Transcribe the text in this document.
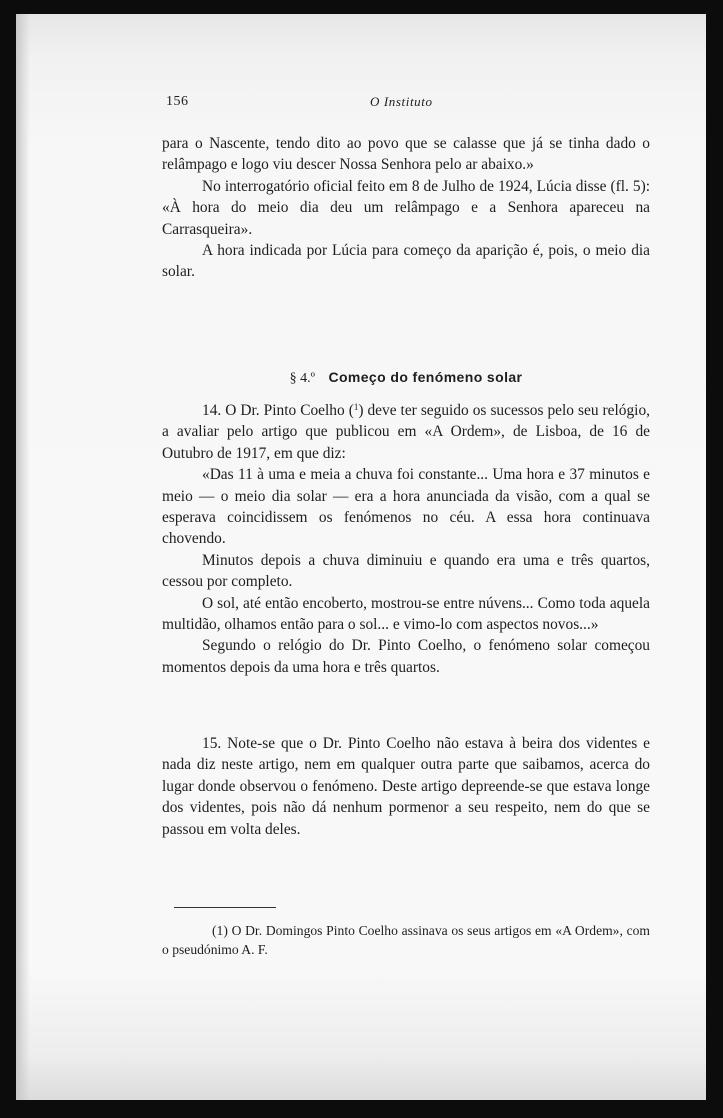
156	O Instituto

para o Nascente, tendo dito ao povo que se calasse que já se tinha dado o relâmpago e logo viu descer Nossa Senhora pelo ar abaixo.»

No interrogatório oficial feito em 8 de Julho de 1924, Lúcia disse (fl. 5): «À hora do meio dia deu um relâmpago e a Senhora apareceu na Carrasqueira».

A hora indicada por Lúcia para começo da aparição é, pois, o meio dia solar.

§ 4.º Começo do fenómeno solar

14. O Dr. Pinto Coelho ($^1$) deve ter seguido os sucessos pelo seu relógio, a avaliar pelo artigo que publicou em «A Ordem», de Lisboa, de 16 de Outubro de 1917, em que diz:

«Das 11 à uma e meia a chuva foi constante... Uma hora e 37 minutos e meio — o meio dia solar — era a hora anunciada da visão, com a qual se esperava coincidissem os fenómenos no céu. A essa hora continuava chovendo.

Minutos depois a chuva diminuiu e quando era uma e três quartos, cessou por completo.

O sol, até então encoberto, mostrou-se entre núvens... Como toda aquela multidão, olhamos então para o sol... e vimo-lo com aspectos novos...»

Segundo o relógio do Dr. Pinto Coelho, o fenómeno solar começou momentos depois da uma hora e três quartos.

15. Note-se que o Dr. Pinto Coelho não estava à beira dos videntes e nada diz neste artigo, nem em qualquer outra parte que saibamos, acerca do lugar donde observou o fenómeno. Deste artigo depreende-se que estava longe dos videntes, pois não dá nenhum pormenor a seu respeito, nem do que se passou em volta deles.

(1) O Dr. Domingos Pinto Coelho assinava os seus artigos em «A Ordem», com o pseudónimo A. F.
